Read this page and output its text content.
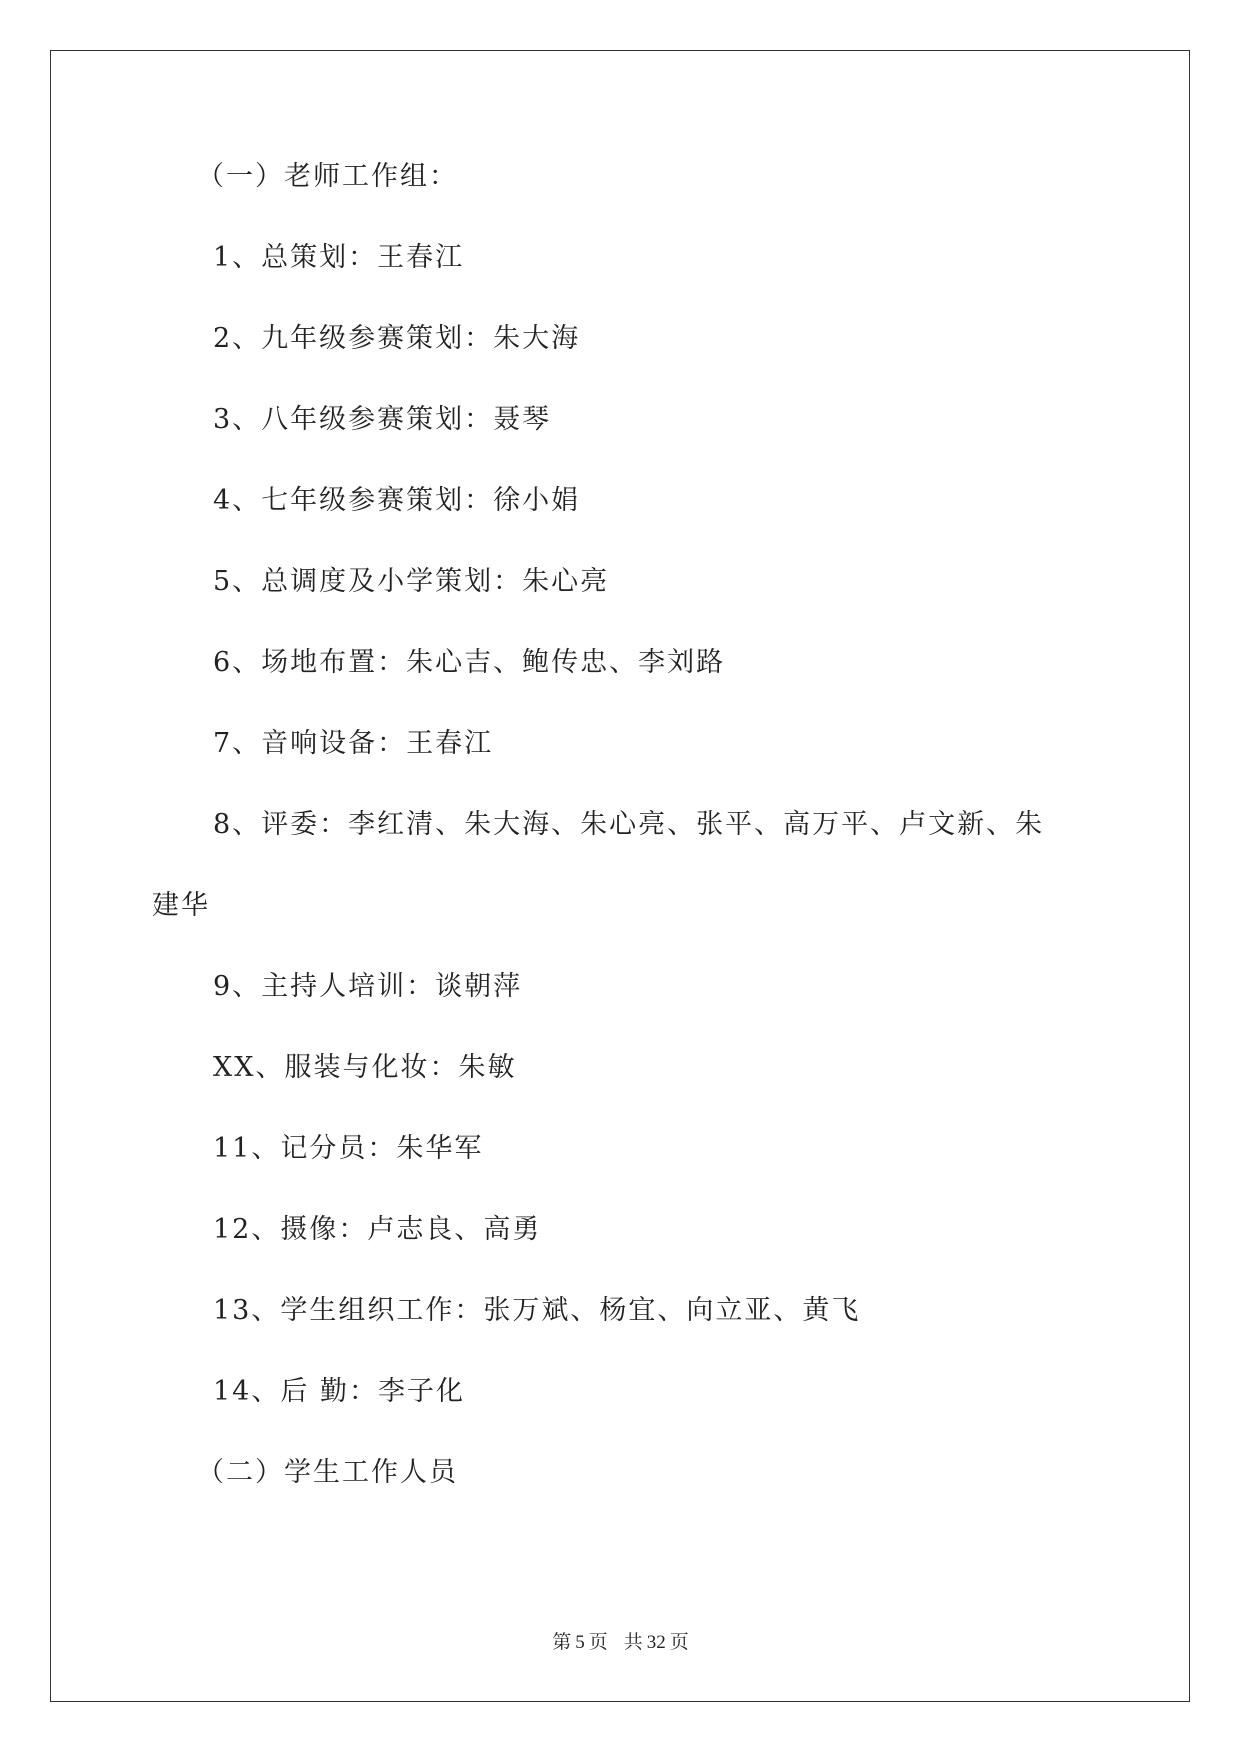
（一）老师工作组：
1、总策划：王春江
2、九年级参赛策划：朱大海
3、八年级参赛策划：聂琴
4、七年级参赛策划：徐小娟
5、总调度及小学策划：朱心亮
6、场地布置：朱心吉、鲍传忠、李刘路
7、音响设备：王春江
8、评委：李红清、朱大海、朱心亮、张平、高万平、卢文新、朱
建华
9、主持人培训：谈朝萍
XX、服装与化妆：朱敏
11、记分员：朱华军
12、摄像：卢志良、高勇
13、学生组织工作：张万斌、杨宜、向立亚、黄飞
14、后 勤：李子化
（二）学生工作人员
第 5 页 共 32 页
